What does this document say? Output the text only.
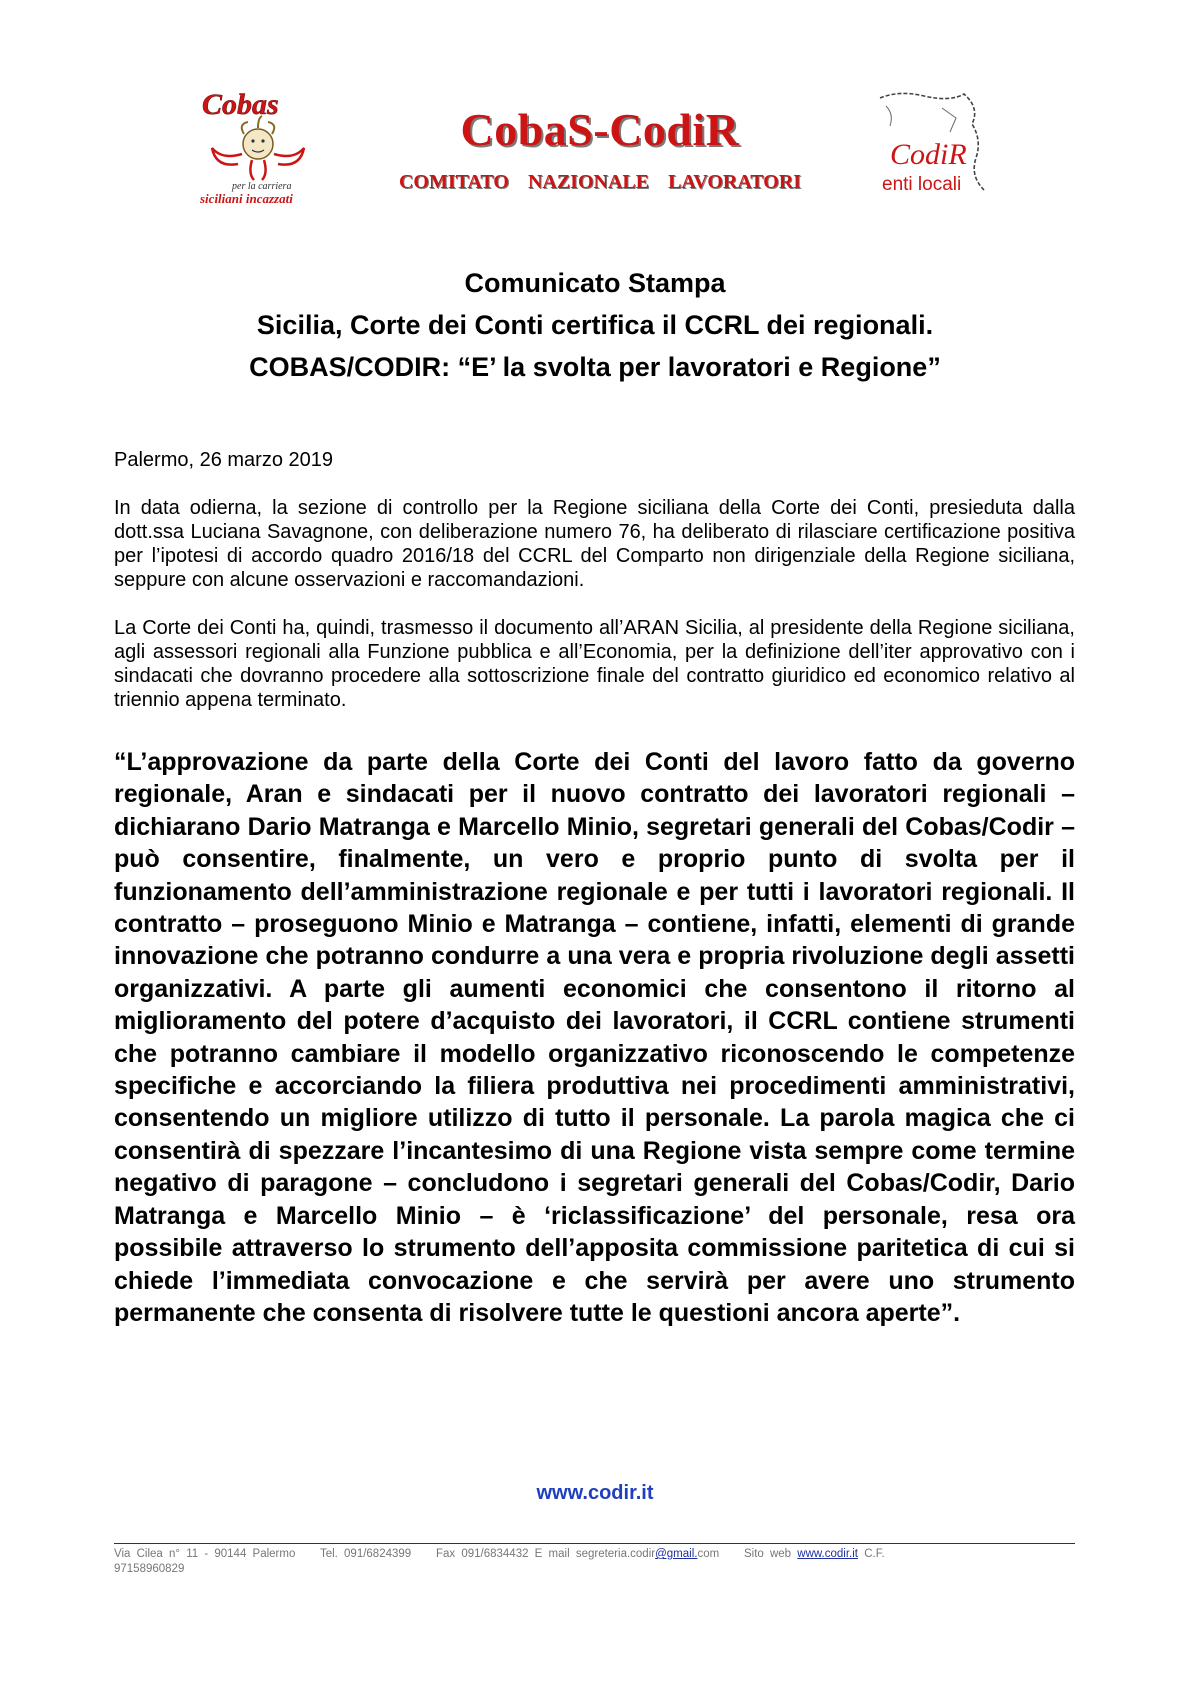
Cobas
per la carriera
siciliani incazzati
CobaS-CodiR
COMITATO NAZIONALE LAVORATORI
CodiR
enti locali
Comunicato Stampa
Sicilia, Corte dei Conti certifica il CCRL dei regionali.
COBAS/CODIR: “E’ la svolta per lavoratori e Regione”

Palermo, 26 marzo 2019

In data odierna, la sezione di controllo per la Regione siciliana della Corte dei Conti, presieduta dalla dott.ssa Luciana Savagnone, con deliberazione numero 76, ha deliberato di rilasciare certificazione positiva per l’ipotesi di accordo quadro 2016/18 del CCRL del Comparto non dirigenziale della Regione siciliana, seppure con alcune osservazioni e raccomandazioni.

La Corte dei Conti ha, quindi, trasmesso il documento all’ARAN Sicilia, al presidente della Regione siciliana, agli assessori regionali alla Funzione pubblica e all’Economia, per la definizione dell’iter approvativo con i sindacati che dovranno procedere alla sottoscrizione finale del contratto giuridico ed economico relativo al triennio appena terminato.

“L’approvazione da parte della Corte dei Conti del lavoro fatto da governo regionale, Aran e sindacati per il nuovo contratto dei lavoratori regionali – dichiarano Dario Matranga e Marcello Minio, segretari generali del Cobas/Codir – può consentire, finalmente, un vero e proprio punto di svolta per il funzionamento dell’amministrazione regionale e per tutti i lavoratori regionali. Il contratto – proseguono Minio e Matranga – contiene, infatti, elementi di grande innovazione che potranno condurre a una vera e propria rivoluzione degli assetti organizzativi. A parte gli aumenti economici che consentono il ritorno al miglioramento del potere d’acquisto dei lavoratori, il CCRL contiene strumenti che potranno cambiare il modello organizzativo riconoscendo le competenze specifiche e accorciando la filiera produttiva nei procedimenti amministrativi, consentendo un migliore utilizzo di tutto il personale. La parola magica che ci consentirà di spezzare l’incantesimo di una Regione vista sempre come termine negativo di paragone – concludono i segretari generali del Cobas/Codir, Dario Matranga e Marcello Minio – è ‘riclassificazione’ del personale, resa ora possibile attraverso lo strumento dell’apposita commissione paritetica di cui si chiede l’immediata convocazione e che servirà per avere uno strumento permanente che consenta di risolvere tutte le questioni ancora aperte”.

www.codir.it
Via Cilea n° 11 - 90144 Palermo Tel. 091/6824399 Fax 091/6834432 E mail segreteria.codir@gmail.com Sito web www.codir.it C.F.
97158960829
